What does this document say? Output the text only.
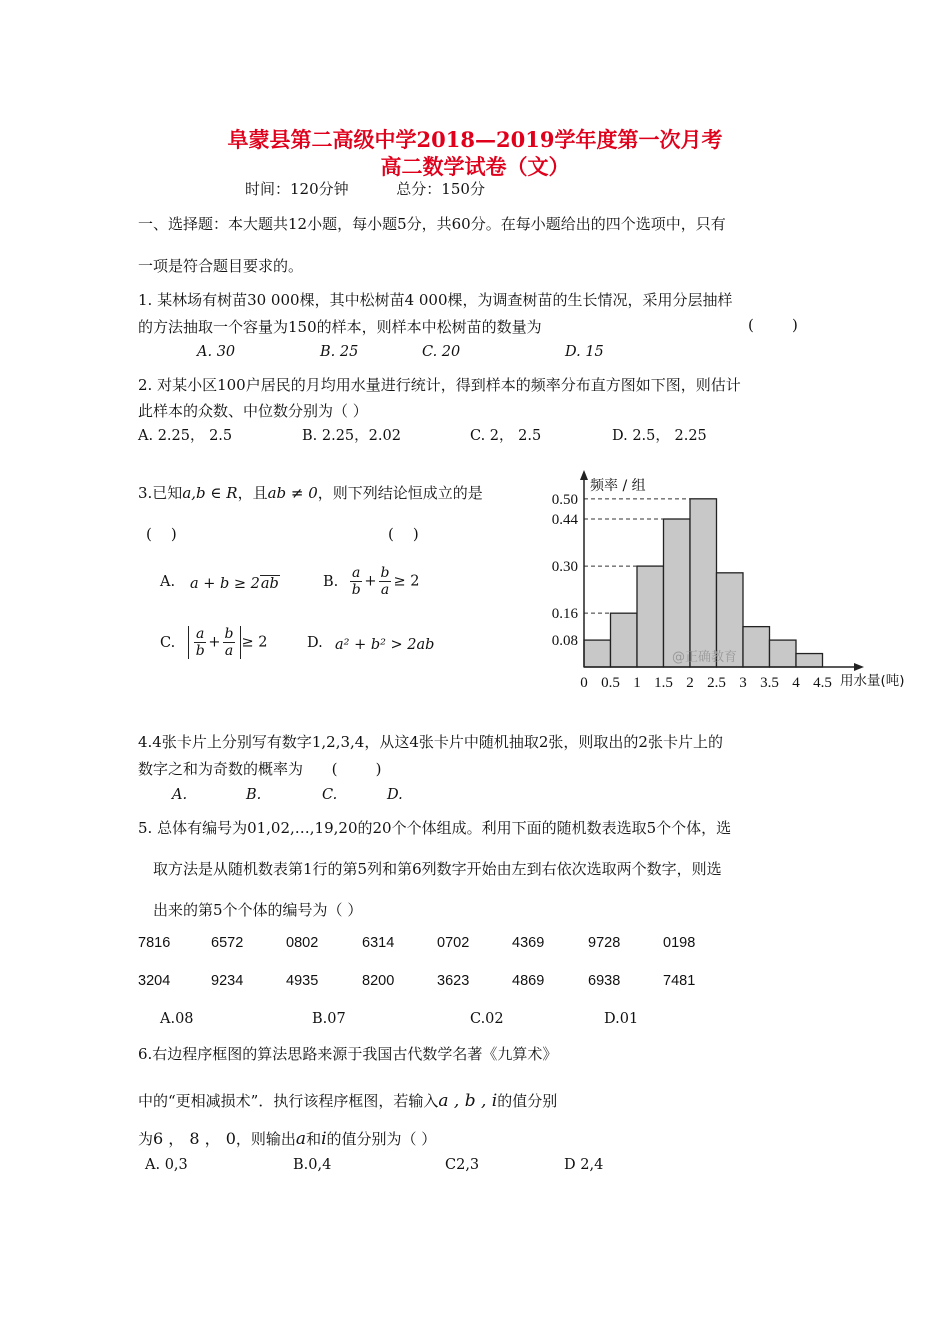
阜蒙县第二高级中学2018—2019学年度第一次月考
高二数学试卷（文）
时间：120分钟          总分：150分
一、选择题：本大题共12小题，每小题5分，共60分。在每小题给出的四个选项中，只有
一项是符合题目要求的。
1. 某林场有树苗30 000棵，其中松树苗4 000棵，为调查树苗的生长情况，采用分层抽样
的方法抽取一个容量为150的样本，则样本中松树苗的数量为	(        )
A. 30	B. 25	C. 20	D. 15
2. 对某小区100户居民的月均用水量进行统计，得到样本的频率分布直方图如下图，则估计
此样本的众数、中位数分别为（ ）
A. 2.25， 2.5	B. 2.25，2.02	C. 2， 2.5	D. 2.5， 2.25
3.已知a,b ∈ R，且ab ≠ 0，则下列结论恒成立的是
(    )	(    )
A. a + b ≥ 2ab	B. $\frac{a}{b} + \frac{b}{a} \ge 2$
C. $\frac{a}{b} + \frac{b}{a} \ge 2$	D. a² + b² > 2ab	0.08
0.16
0.30
0.44
0.50
0 0.5 1 1.5 2 2.5 3 3.5 4 4.5
频率 / 组
用水量(吨)
@正确教育
4.4张卡片上分别写有数字1,2,3,4，从这4张卡片中随机抽取2张，则取出的2张卡片上的
数字之和为奇数的概率为      (        )
A.	B.	C.	D.
5. 总体有编号为01,02,…,19,20的20个个体组成。利用下面的随机数表选取5个个体，选
取方法是从随机数表第1行的第5列和第6列数字开始由左到右依次选取两个数字，则选
出来的第5个个体的编号为（ ）
7816	6572	0802	6314	0702	4369	9728	0198
3204	9234	4935	8200	3623	4869	6938	7481
A.08	B.07	C.02	D.01
6.右边程序框图的算法思路来源于我国古代数学名著《九算术》
中的“更相减损术”．执行该程序框图，若输入a , b , i的值分别
为6 ， 8 ， 0，则输出a和i的值分别为（ ）
A. 0,3	B.0,4	C2,3	D 2,4
